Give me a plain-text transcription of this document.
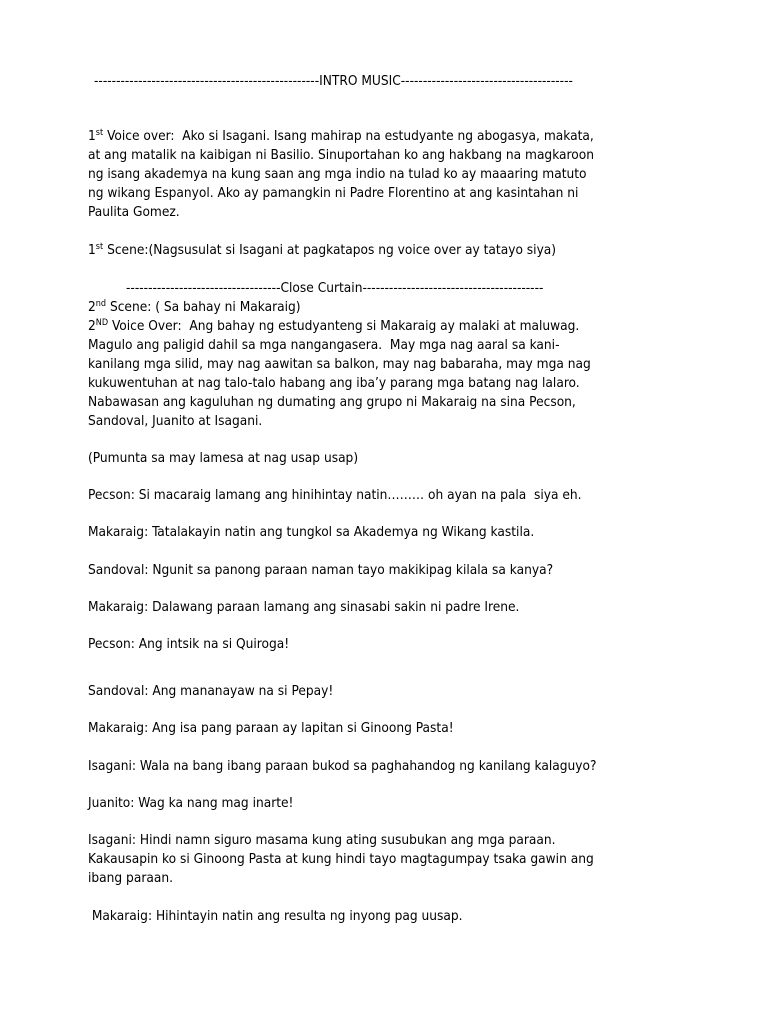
---------------------------------------------------INTRO MUSIC---------------------------------------

1st Voice over:  Ako si Isagani. Isang mahirap na estudyante ng abogasya, makata,

at ang matalik na kaibigan ni Basilio. Sinuportahan ko ang hakbang na magkaroon

ng isang akademya na kung saan ang mga indio na tulad ko ay maaaring matuto

ng wikang Espanyol. Ako ay pamangkin ni Padre Florentino at ang kasintahan ni

Paulita Gomez.

1st Scene:(Nagsusulat si Isagani at pagkatapos ng voice over ay tatayo siya)

-----------------------------------Close Curtain-----------------------------------------

2nd Scene: ( Sa bahay ni Makaraig)

2ND Voice Over:  Ang bahay ng estudyanteng si Makaraig ay malaki at maluwag.

Magulo ang paligid dahil sa mga nangangasera.  May mga nag aaral sa kani-

kanilang mga silid, may nag aawitan sa balkon, may nag babaraha, may mga nag

kukuwentuhan at nag talo-talo habang ang iba’y parang mga batang nag lalaro.

Nabawasan ang kaguluhan ng dumating ang grupo ni Makaraig na sina Pecson,

Sandoval, Juanito at Isagani.

(Pumunta sa may lamesa at nag usap usap)

Pecson: Si macaraig lamang ang hinihintay natin……… oh ayan na pala  siya eh.

Makaraig: Tatalakayin natin ang tungkol sa Akademya ng Wikang kastila.

Sandoval: Ngunit sa panong paraan naman tayo makikipag kilala sa kanya?

Makaraig: Dalawang paraan lamang ang sinasabi sakin ni padre Irene.

Pecson: Ang intsik na si Quiroga!

Sandoval: Ang mananayaw na si Pepay!

Makaraig: Ang isa pang paraan ay lapitan si Ginoong Pasta!

Isagani: Wala na bang ibang paraan bukod sa paghahandog ng kanilang kalaguyo?

Juanito: Wag ka nang mag inarte!

Isagani: Hindi namn siguro masama kung ating susubukan ang mga paraan.

Kakausapin ko si Ginoong Pasta at kung hindi tayo magtagumpay tsaka gawin ang

ibang paraan.

Makaraig: Hihintayin natin ang resulta ng inyong pag uusap.
